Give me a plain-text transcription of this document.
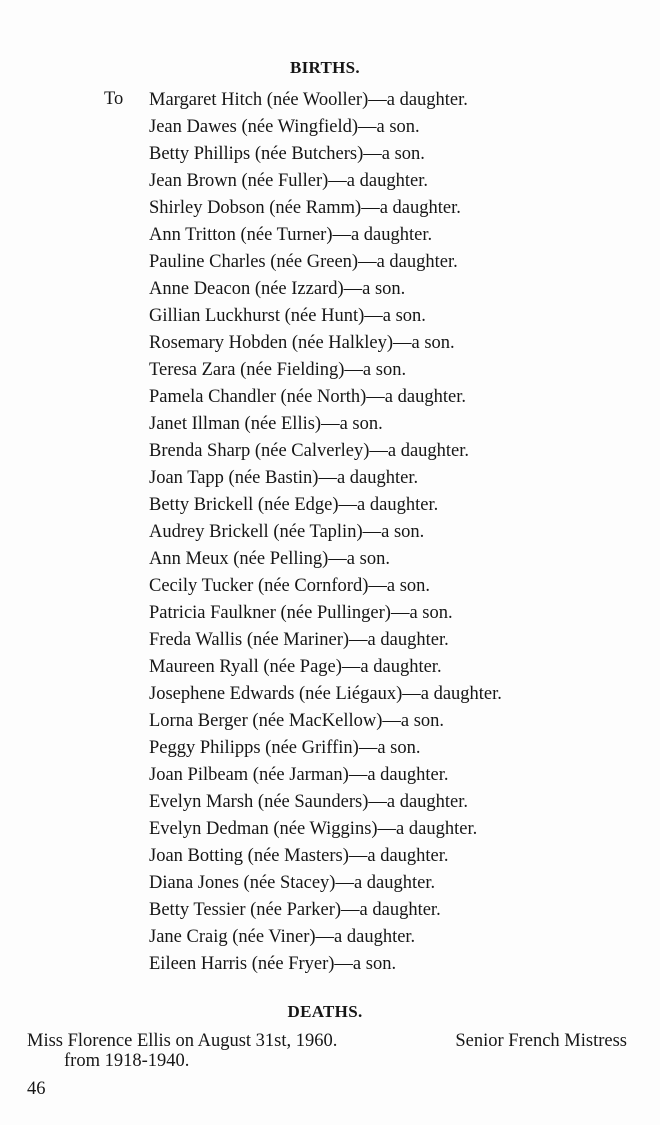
BIRTHS.
To Margaret Hitch (née Wooller)—a daughter.
Jean Dawes (née Wingfield)—a son.
Betty Phillips (née Butchers)—a son.
Jean Brown (née Fuller)—a daughter.
Shirley Dobson (née Ramm)—a daughter.
Ann Tritton (née Turner)—a daughter.
Pauline Charles (née Green)—a daughter.
Anne Deacon (née Izzard)—a son.
Gillian Luckhurst (née Hunt)—a son.
Rosemary Hobden (née Halkley)—a son.
Teresa Zara (née Fielding)—a son.
Pamela Chandler (née North)—a daughter.
Janet Illman (née Ellis)—a son.
Brenda Sharp (née Calverley)—a daughter.
Joan Tapp (née Bastin)—a daughter.
Betty Brickell (née Edge)—a daughter.
Audrey Brickell (née Taplin)—a son.
Ann Meux (née Pelling)—a son.
Cecily Tucker (née Cornford)—a son.
Patricia Faulkner (née Pullinger)—a son.
Freda Wallis (née Mariner)—a daughter.
Maureen Ryall (née Page)—a daughter.
Josephene Edwards (née Liégaux)—a daughter.
Lorna Berger (née MacKellow)—a son.
Peggy Philipps (née Griffin)—a son.
Joan Pilbeam (née Jarman)—a daughter.
Evelyn Marsh (née Saunders)—a daughter.
Evelyn Dedman (née Wiggins)—a daughter.
Joan Botting (née Masters)—a daughter.
Diana Jones (née Stacey)—a daughter.
Betty Tessier (née Parker)—a daughter.
Jane Craig (née Viner)—a daughter.
Eileen Harris (née Fryer)—a son.
DEATHS.
Miss Florence Ellis on August 31st, 1960.	Senior French Mistress
from 1918-1940.
46
